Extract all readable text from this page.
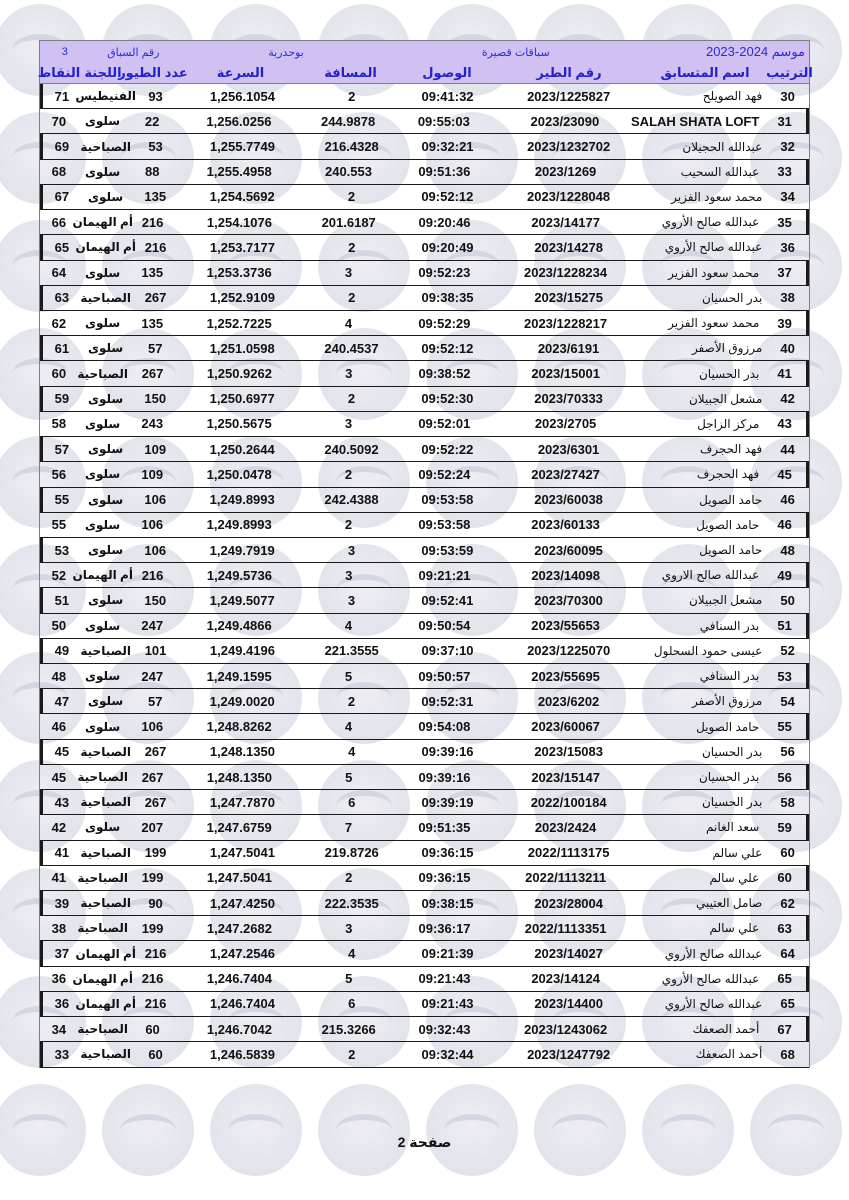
موسم 2024-2023
سباقات قصيرة
بوحدرية
رقم السباق
3
الترتيب
اسم المتسابق
رقم الطير
الوصول
المسافة
السرعة
عدد الطيور
اللجنة
النقاط
30
فهد الصويلح
2023/1225827
09:41:32
2
1,256.1054
93
الفنيطيس
71
31
SALAH SHATA LOFT
2023/23090
09:55:03
244.9878
1,256.0256
22
سلوى
70
32
عبدالله الحجيلان
2023/1232702
09:32:21
216.4328
1,255.7749
53
الصباحية
69
33
عبدالله السحيب
2023/1269
09:51:36
240.553
1,255.4958
88
سلوى
68
34
محمد سعود الفزير
2023/1228048
09:52:12
2
1,254.5692
135
سلوى
67
35
عبدالله صالح الأروي
2023/14177
09:20:46
201.6187
1,254.1076
216
أم الهيمان
66
36
عبدالله صالح الأروي
2023/14278
09:20:49
2
1,253.7177
216
أم الهيمان
65
37
محمد سعود الفزير
2023/1228234
09:52:23
3
1,253.3736
135
سلوى
64
38
بدر الحسيان
2023/15275
09:38:35
2
1,252.9109
267
الصباحية
63
39
محمد سعود الفزير
2023/1228217
09:52:29
4
1,252.7225
135
سلوى
62
40
مرزوق الأصفر
2023/6191
09:52:12
240.4537
1,251.0598
57
سلوى
61
41
بدر الحسيان
2023/15001
09:38:52
3
1,250.9262
267
الصباحية
60
42
مشعل الجبيلان
2023/70333
09:52:30
2
1,250.6977
150
سلوى
59
43
مركز الزاجل
2023/2705
09:52:01
3
1,250.5675
243
سلوى
58
44
فهد الحجرف
2023/6301
09:52:22
240.5092
1,250.2644
109
سلوى
57
45
فهد الحجرف
2023/27427
09:52:24
2
1,250.0478
109
سلوى
56
46
حامد الصويل
2023/60038
09:53:58
242.4388
1,249.8993
106
سلوى
55
46
حامد الصويل
2023/60133
09:53:58
2
1,249.8993
106
سلوى
55
48
حامد الصويل
2023/60095
09:53:59
3
1,249.7919
106
سلوى
53
49
عبدالله صالح الاروي
2023/14098
09:21:21
3
1,249.5736
216
أم الهيمان
52
50
مشعل الجبيلان
2023/70300
09:52:41
3
1,249.5077
150
سلوى
51
51
بدر السنافي
2023/55653
09:50:54
4
1,249.4866
247
سلوى
50
52
عيسى حمود السحلول
2023/1225070
09:37:10
221.3555
1,249.4196
101
الصباحية
49
53
بدر السنافي
2023/55695
09:50:57
5
1,249.1595
247
سلوى
48
54
مرزوق الأصفر
2023/6202
09:52:31
2
1,249.0020
57
سلوى
47
55
حامد الصويل
2023/60067
09:54:08
4
1,248.8262
106
سلوى
46
56
بدر الحسيان
2023/15083
09:39:16
4
1,248.1350
267
الصباحية
45
56
بدر الحسيان
2023/15147
09:39:16
5
1,248.1350
267
الصباحية
45
58
بدر الحسيان
2022/100184
09:39:19
6
1,247.7870
267
الصباحية
43
59
سعد الغانم
2023/2424
09:51:35
7
1,247.6759
207
سلوى
42
60
علي سالم
2022/1113175
09:36:15
219.8726
1,247.5041
199
الصباحية
41
60
علي سالم
2022/1113211
09:36:15
2
1,247.5041
199
الصباحية
41
62
صامل العتيبي
2023/28004
09:38:15
222.3535
1,247.4250
90
الصباحية
39
63
علي سالم
2022/1113351
09:36:17
3
1,247.2682
199
الصباحية
38
64
عبدالله صالح الأروي
2023/14027
09:21:39
4
1,247.2546
216
أم الهيمان
37
65
عبدالله صالح الأروي
2023/14124
09:21:43
5
1,246.7404
216
أم الهيمان
36
65
عبدالله صالح الأروي
2023/14400
09:21:43
6
1,246.7404
216
أم الهيمان
36
67
أحمد الصعفك
2023/1243062
09:32:43
215.3266
1,246.7042
60
الصباحية
34
68
أحمد الصعفك
2023/1247792
09:32:44
2
1,246.5839
60
الصباحية
33
صفحة 2
